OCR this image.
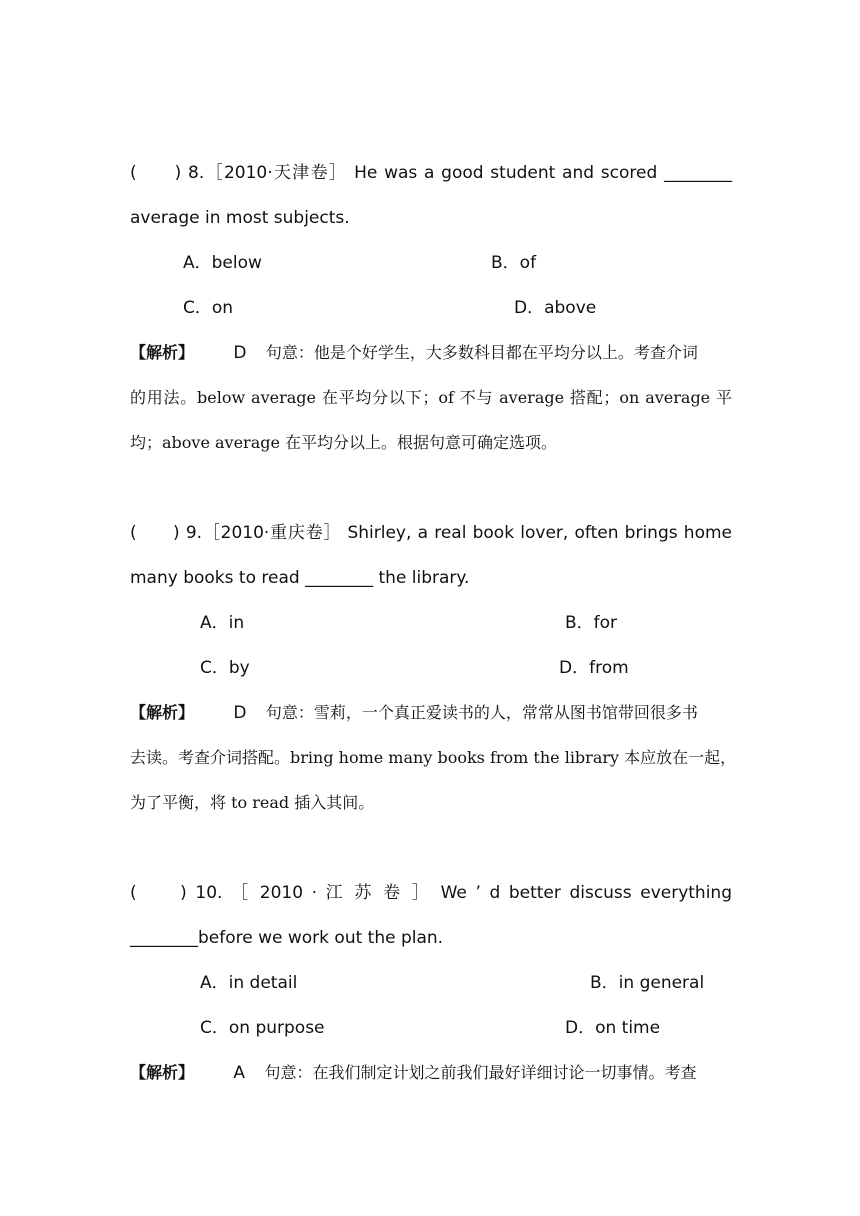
(　　) 8.［2010·天津卷］ He was a good student and scored ________
average in most subjects.
A．below	B．of
C．on	D．above
【解析】 D 句意：他是个好学生，大多数科目都在平均分以上。考查介词
的用法。below average 在平均分以下；of 不与 average 搭配；on average 平
均；above average 在平均分以上。根据句意可确定选项。
(　　) 9.［2010·重庆卷］ Shirley, a real book lover, often brings home
many books to read ________ the library.
A．in	B．for
C．by	D．from
【解析】 D 句意：雪莉，一个真正爱读书的人，常常从图书馆带回很多书
去读。考查介词搭配。bring home many books from the library 本应放在一起，
为了平衡，将 to read 插入其间。
(　　) 10. ［ 2010 · 江 苏 卷 ］ We ’ d better discuss everything
________before we work out the plan.
A．in detail	B．in general
C．on purpose	D．on time
【解析】 A 句意：在我们制定计划之前我们最好详细讨论一切事情。考查
